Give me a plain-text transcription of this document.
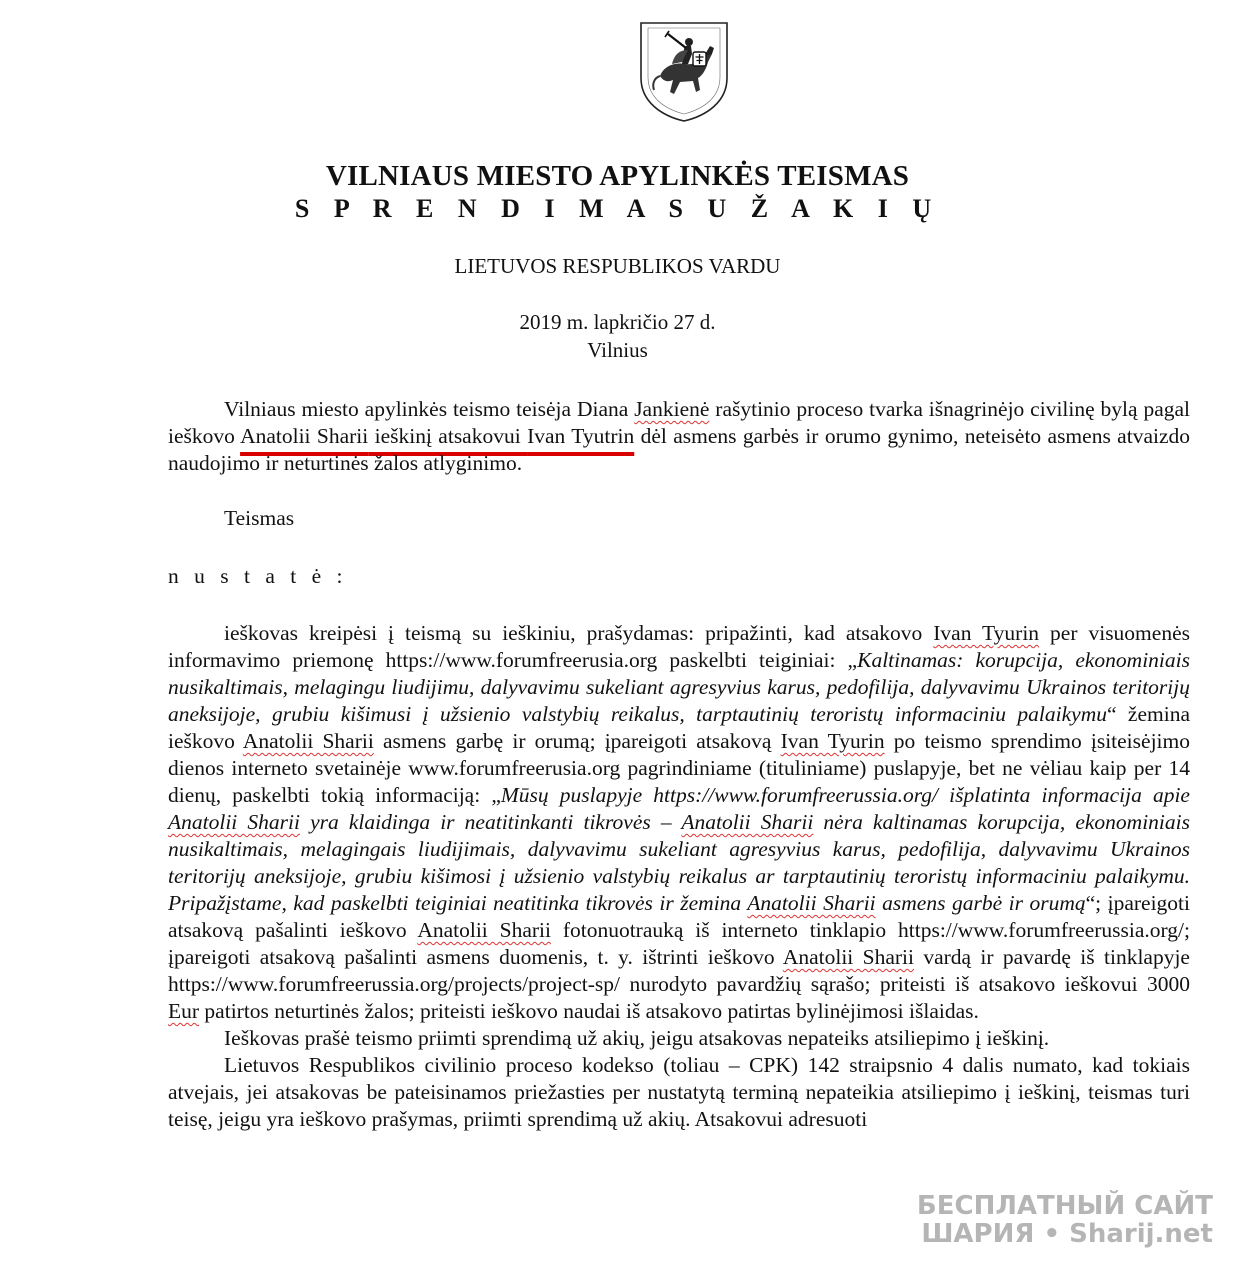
VILNIAUS MIESTO APYLINKĖS TEISMAS
S P R E N D I M A S U Ž A K I Ų
LIETUVOS RESPUBLIKOS VARDU
2019 m. lapkričio 27 d.
Vilnius

Vilniaus miesto apylinkės teismo teisėja Diana Jankienė rašytinio proceso tvarka išnagrinėjo civilinę bylą pagal ieškovo Anatolii Sharii ieškinį atsakovui Ivan Tyutrin dėl asmens garbės ir orumo gynimo, neteisėto asmens atvaizdo naudojimo ir neturtinės žalos atlyginimo.

Teismas
n u s t a t ė :

ieškovas kreipėsi į teismą su ieškiniu, prašydamas: pripažinti, kad atsakovo Ivan Tyurin per visuomenės informavimo priemonę https://www.forumfreerusia.org paskelbti teiginiai: „Kaltinamas: korupcija, ekonominiais nusikaltimais, melagingu liudijimu, dalyvavimu sukeliant agresyvius karus, pedofilija, dalyvavimu Ukrainos teritorijų aneksijoje, grubiu kišimusi į užsienio valstybių reikalus, tarptautinių teroristų informaciniu palaikymu“ žemina ieškovo Anatolii Sharii asmens garbę ir orumą; įpareigoti atsakovą Ivan Tyurin po teismo sprendimo įsiteisėjimo dienos interneto svetainėje www.forumfreerusia.org pagrindiniame (tituliniame) puslapyje, bet ne vėliau kaip per 14 dienų, paskelbti tokią informaciją: „Mūsų puslapyje https://www.forumfreerussia.org/ išplatinta informacija apie Anatolii Sharii yra klaidinga ir neatitinkanti tikrovės – Anatolii Sharii nėra kaltinamas korupcija, ekonominiais nusikaltimais, melagingais liudijimais, dalyvavimu sukeliant agresyvius karus, pedofilija, dalyvavimu Ukrainos teritorijų aneksijoje, grubiu kišimosi į užsienio valstybių reikalus ar tarptautinių teroristų informaciniu palaikymu. Pripažįstame, kad paskelbti teiginiai neatitinka tikrovės ir žemina Anatolii Sharii asmens garbė ir orumą“; įpareigoti atsakovą pašalinti ieškovo Anatolii Sharii fotonuotrauką iš interneto tinklapio https://www.forumfreerussia.org/; įpareigoti atsakovą pašalinti asmens duomenis, t. y. ištrinti ieškovo Anatolii Sharii vardą ir pavardę iš tinklapyje https://www.forumfreerussia.org/projects/project-sp/ nurodyto pavardžių sąrašo; priteisti iš atsakovo ieškovui 3000 Eur patirtos neturtinės žalos; priteisti ieškovo naudai iš atsakovo patirtas bylinėjimosi išlaidas.

Ieškovas prašė teismo priimti sprendimą už akių, jeigu atsakovas nepateiks atsiliepimo į ieškinį.

Lietuvos Respublikos civilinio proceso kodekso (toliau – CPK) 142 straipsnio 4 dalis numato, kad tokiais atvejais, jei atsakovas be pateisinamos priežasties per nustatytą terminą nepateikia atsiliepimo į ieškinį, teismas turi teisę, jeigu yra ieškovo prašymas, priimti sprendimą už akių. Atsakovui adresuoti

БЕСПЛАТНЫЙ САЙТ
ШАРИЯ • Sharij.net
